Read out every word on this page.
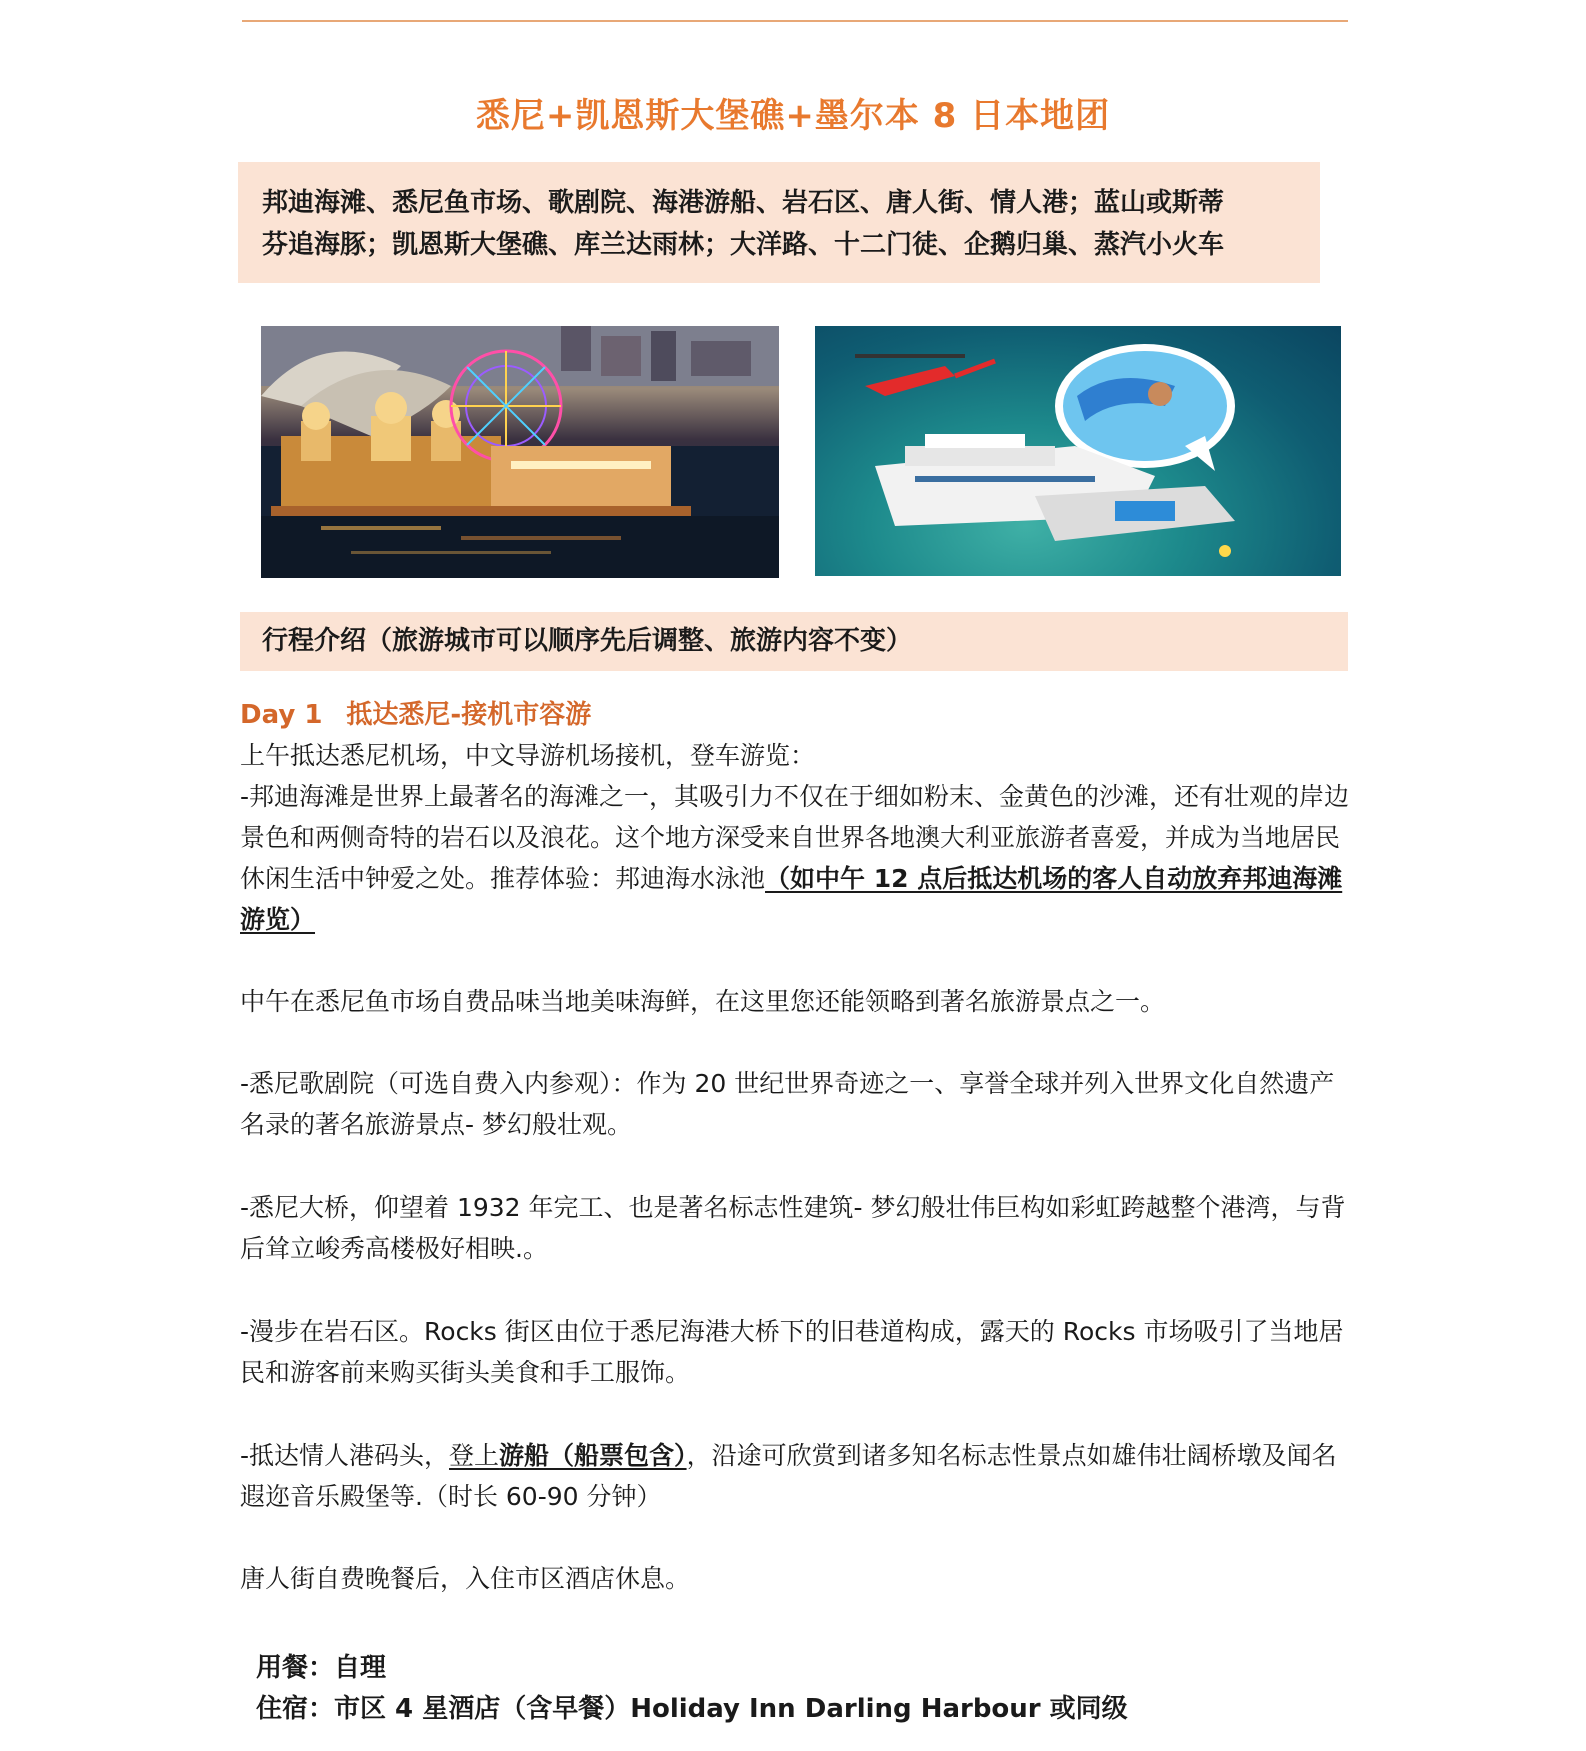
悉尼+凯恩斯大堡礁+墨尔本 8 日本地团
邦迪海滩、悉尼鱼市场、歌剧院、海港游船、岩石区、唐人街、情人港；蓝山或斯蒂
芬追海豚；凯恩斯大堡礁、库兰达雨林；大洋路、十二门徒、企鹅归巢、蒸汽小火车
行程介绍（旅游城市可以顺序先后调整、旅游内容不变）
Day 1 抵达悉尼-接机市容游

上午抵达悉尼机场，中文导游机场接机，登车游览：

-邦迪海滩是世界上最著名的海滩之一，其吸引力不仅在于细如粉末、金黄色的沙滩，还有壮观的岸边景色和两侧奇特的岩石以及浪花。这个地方深受来自世界各地澳大利亚旅游者喜爱，并成为当地居民休闲生活中钟爱之处。推荐体验：邦迪海水泳池（如中午 12 点后抵达机场的客人自动放弃邦迪海滩游览）

中午在悉尼鱼市场自费品味当地美味海鲜，在这里您还能领略到著名旅游景点之一。

-悉尼歌剧院（可选自费入内参观）：作为 20 世纪世界奇迹之一、享誉全球并列入世界文化自然遗产名录的著名旅游景点- 梦幻般壮观。

-悉尼大桥，仰望着 1932 年完工、也是著名标志性建筑- 梦幻般壮伟巨构如彩虹跨越整个港湾，与背后耸立峻秀高楼极好相映.。

-漫步在岩石区。Rocks 街区由位于悉尼海港大桥下的旧巷道构成，露天的 Rocks 市场吸引了当地居民和游客前来购买街头美食和手工服饰。

-抵达情人港码头，登上游船（船票包含），沿途可欣赏到诸多知名标志性景点如雄伟壮阔桥墩及闻名遐迩音乐殿堡等.（时长 60-90 分钟）

唐人街自费晚餐后，入住市区酒店休息。

用餐：自理
住宿：市区 4 星酒店（含早餐）Holiday Inn Darling Harbour 或同级
